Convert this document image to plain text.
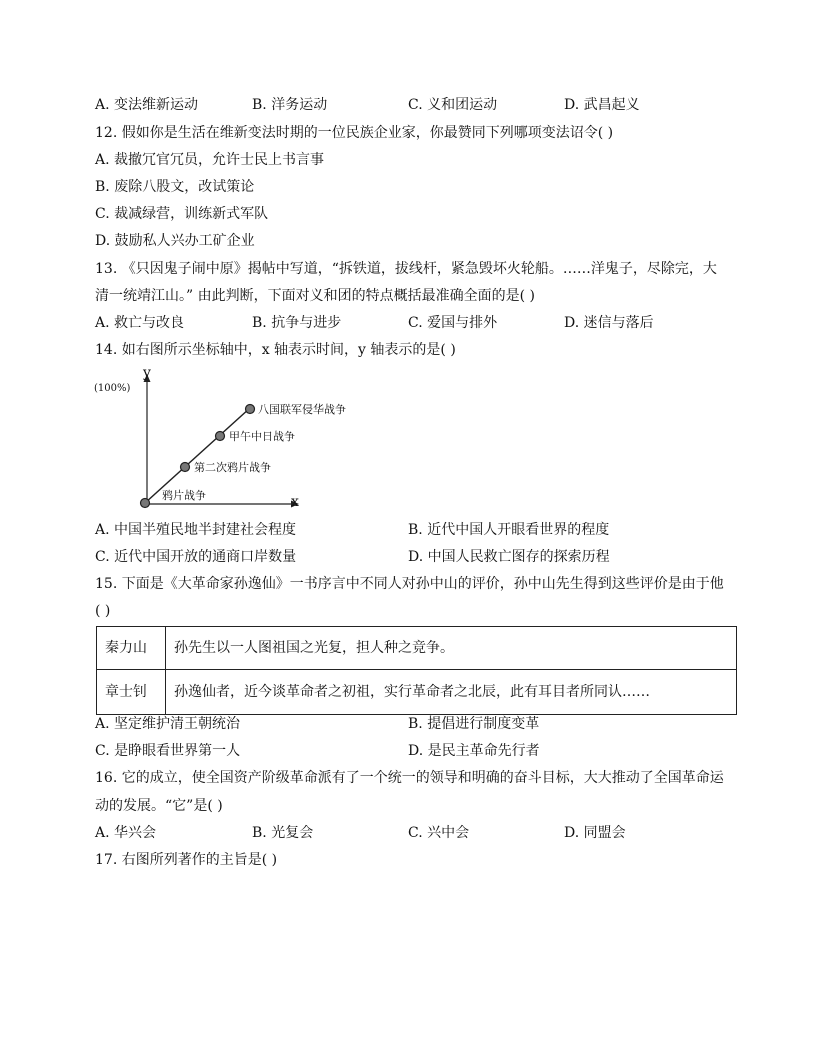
A. 变法维新运动	B. 洋务运动	C. 义和团运动	D. 武昌起义
12. 假如你是生活在维新变法时期的一位民族企业家，你最赞同下列哪项变法诏令( )
A. 裁撤冗官冗员，允许士民上书言事
B. 废除八股文，改试策论
C. 裁减绿营，训练新式军队
D. 鼓励私人兴办工矿企业
13. 《只因鬼子闹中原》揭帖中写道，“拆铁道，拔线杆，紧急毁坏火轮船。……洋鬼子，尽除完，大
清一统靖江山。” 由此判断，下面对义和团的特点概括最准确全面的是( )
A. 救亡与改良	B. 抗争与进步	C. 爱国与排外	D. 迷信与落后
14. 如右图所示坐标轴中，x 轴表示时间，y 轴表示的是( )
y
(100%)
x
鸦片战争
第二次鸦片战争
甲午中日战争
八国联军侵华战争
A. 中国半殖民地半封建社会程度	B. 近代中国人开眼看世界的程度
C. 近代中国开放的通商口岸数量	D. 中国人民救亡图存的探索历程
15. 下面是《大革命家孙逸仙》一书序言中不同人对孙中山的评价，孙中山先生得到这些评价是由于他
( )
秦力山	孙先生以一人图祖国之光复，担人种之竞争。
章士钊	孙逸仙者，近今谈革命者之初祖，实行革命者之北辰，此有耳目者所同认……
A. 坚定维护清王朝统治	B. 提倡进行制度变革
C. 是睁眼看世界第一人	D. 是民主革命先行者
16. 它的成立，使全国资产阶级革命派有了一个统一的领导和明确的奋斗目标，大大推动了全国革命运
动的发展。“它”是( )
A. 华兴会	B. 光复会	C. 兴中会	D. 同盟会
17. 右图所列著作的主旨是( )
